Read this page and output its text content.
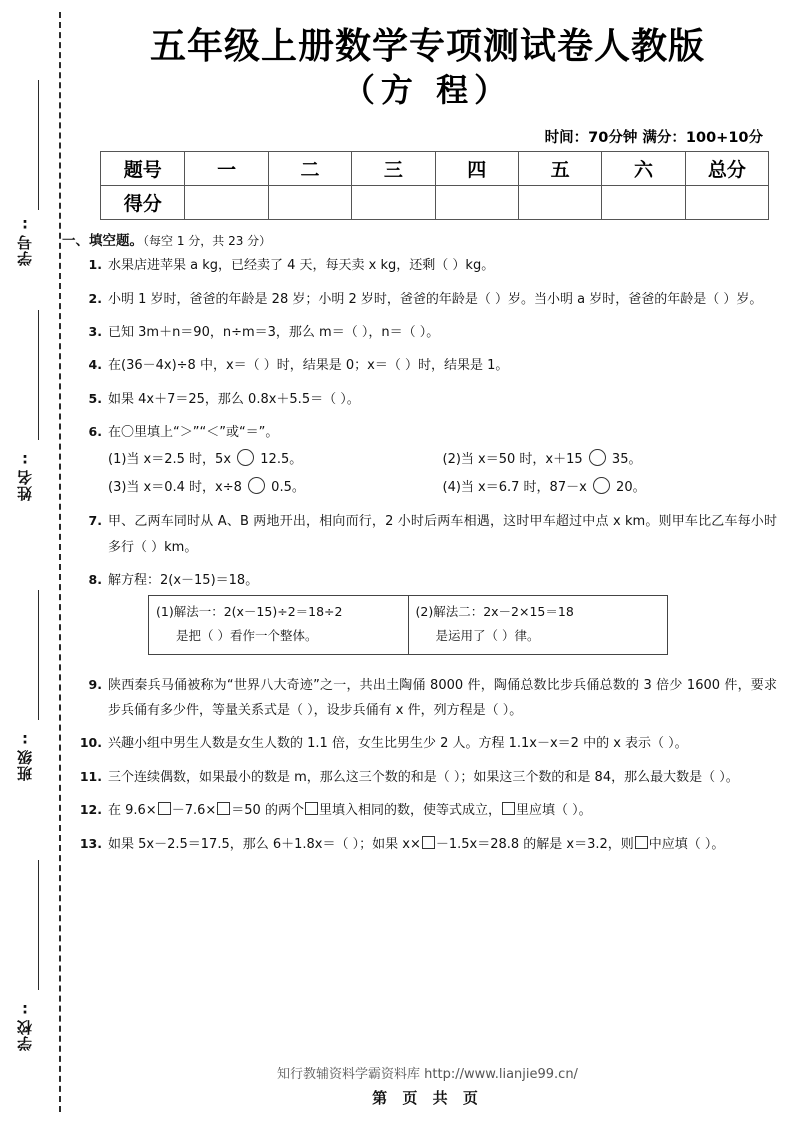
学号:
姓名:
班级:
学校:
五年级上册数学专项测试卷人教版
（方 程）
时间：70分钟 满分：100+10分
题号	一	二	三	四	五	六	总分
得分							
一、填空题。（每空 1 分，共 23 分）
1. 水果店进苹果 a kg，已经卖了 4 天，每天卖 x kg，还剩（ ）kg。
2. 小明 1 岁时，爸爸的年龄是 28 岁；小明 2 岁时，爸爸的年龄是（ ）岁。当小明 a 岁时，爸爸的年龄是（ ）岁。
3. 已知 3m＋n＝90，n÷m＝3，那么 m＝（ ），n＝（ ）。
4. 在(36－4x)÷8 中，x＝（ ）时，结果是 0；x＝（ ）时，结果是 1。
5. 如果 4x＋7＝25，那么 0.8x＋5.5＝（ ）。
6. 在〇里填上“＞”“＜”或“＝”。
(1)当 x＝2.5 时，5x  12.5。	(2)当 x＝50 时，x＋15  35。
(3)当 x＝0.4 时，x÷8  0.5。	(4)当 x＝6.7 时，87－x  20。
7. 甲、乙两车同时从 A、B 两地开出，相向而行，2 小时后两车相遇，这时甲车超过中点 x km。则甲车比乙车每小时多行（ ）km。
8. 解方程：2(x－15)＝18。
(1)解法一：2(x－15)÷2＝18÷2
是把（ ）看作一个整体。
	(2)解法二：2x－2×15＝18
是运用了（ ）律。
9. 陕西秦兵马俑被称为“世界八大奇迹”之一，共出土陶俑 8000 件，陶俑总数比步兵俑总数的 3 倍少 1600 件，要求步兵俑有多少件，等量关系式是（ ），设步兵俑有 x 件，列方程是（ ）。
10. 兴趣小组中男生人数是女生人数的 1.1 倍，女生比男生少 2 人。方程 1.1x－x＝2 中的 x 表示（ ）。
11. 三个连续偶数，如果最小的数是 m，那么这三个数的和是（ ）；如果这三个数的和是 84，那么最大数是（ ）。
12. 在 9.6× －7.6× ＝50 的两个 里填入相同的数，使等式成立， 里应填（ ）。
13. 如果 5x－2.5＝17.5，那么 6＋1.8x＝（ ）；如果 x× －1.5x＝28.8 的解是 x＝3.2，则 中应填（ ）。
知行教辅资料学霸资料库 http://www.lianjie99.cn/
第 页 共 页
